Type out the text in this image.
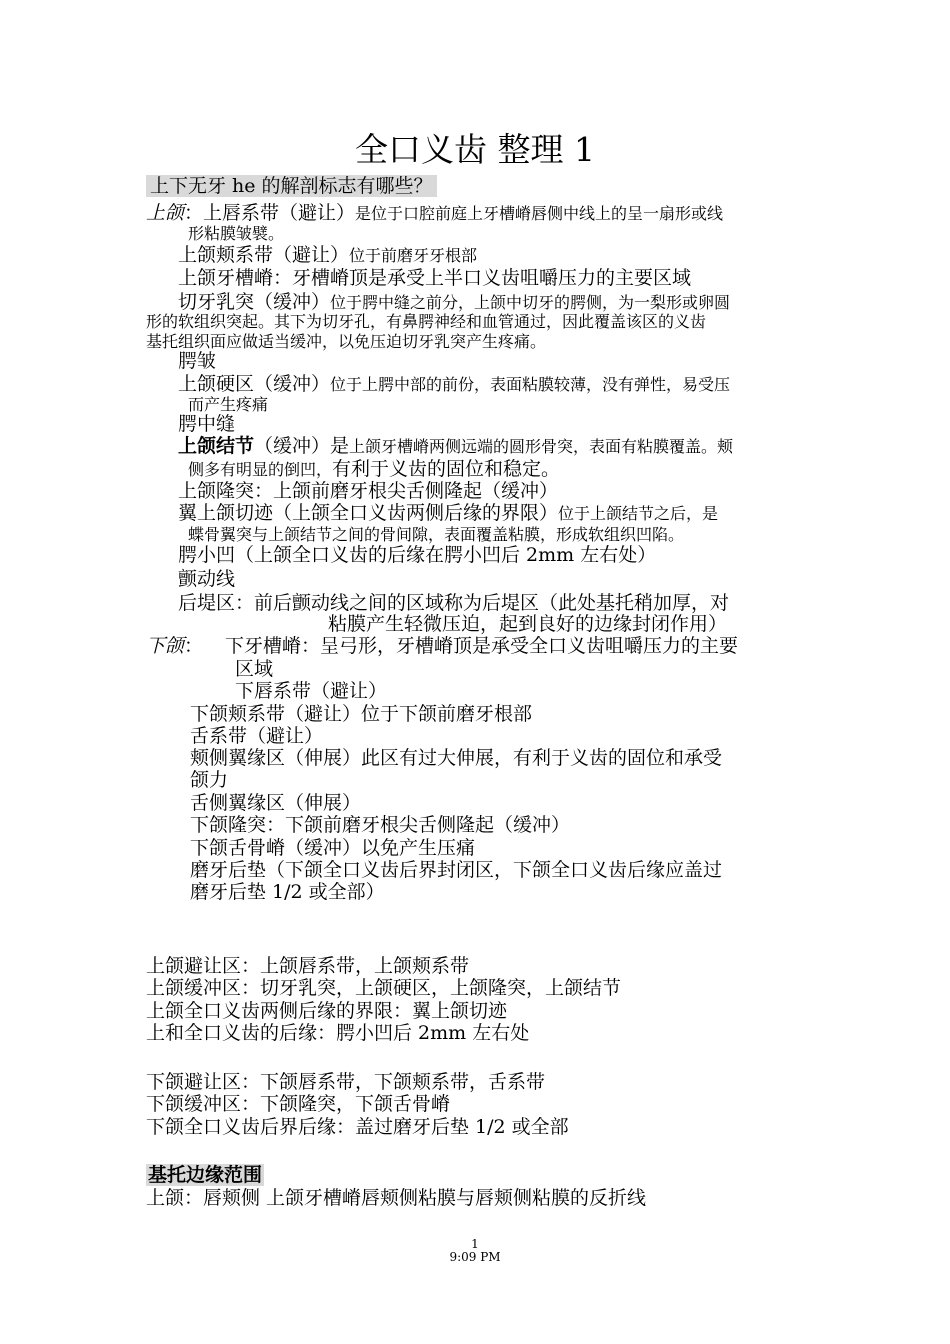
全口义齿 整理 1
上下无牙 he 的解剖标志有哪些？
上颌：上唇系带（避让）是位于口腔前庭上牙槽嵴唇侧中线上的呈一扇形或线
形粘膜皱襞。
上颌颊系带（避让）位于前磨牙牙根部
上颌牙槽嵴：牙槽嵴顶是承受上半口义齿咀嚼压力的主要区域
切牙乳突（缓冲）位于腭中缝之前分，上颌中切牙的腭侧，为一梨形或卵圆
形的软组织突起。其下为切牙孔，有鼻腭神经和血管通过，因此覆盖该区的义齿
基托组织面应做适当缓冲，以免压迫切牙乳突产生疼痛。
腭皱
上颌硬区（缓冲）位于上腭中部的前份，表面粘膜较薄，没有弹性，易受压
而产生疼痛
腭中缝
上颌结节（缓冲）是上颌牙槽嵴两侧远端的圆形骨突，表面有粘膜覆盖。颊
侧多有明显的倒凹，有利于义齿的固位和稳定。
上颌隆突：上颌前磨牙根尖舌侧隆起（缓冲）
翼上颌切迹（上颌全口义齿两侧后缘的界限）位于上颌结节之后，是
蝶骨翼突与上颌结节之间的骨间隙，表面覆盖粘膜，形成软组织凹陷。
腭小凹（上颌全口义齿的后缘在腭小凹后 2mm 左右处）
颤动线
后堤区：前后颤动线之间的区域称为后堤区（此处基托稍加厚，对
粘膜产生轻微压迫，起到良好的边缘封闭作用）
下颌： 下牙槽嵴：呈弓形，牙槽嵴顶是承受全口义齿咀嚼压力的主要
区域
下唇系带（避让）
下颌颊系带（避让）位于下颌前磨牙根部
舌系带（避让）
颊侧翼缘区（伸展）此区有过大伸展，有利于义齿的固位和承受
颌力
舌侧翼缘区（伸展）
下颌隆突：下颌前磨牙根尖舌侧隆起（缓冲）
下颌舌骨嵴（缓冲）以免产生压痛
磨牙后垫（下颌全口义齿后界封闭区，下颌全口义齿后缘应盖过
磨牙后垫 1/2 或全部）
上颌避让区：上颌唇系带，上颌颊系带
上颌缓冲区：切牙乳突，上颌硬区，上颌隆突，上颌结节
上颌全口义齿两侧后缘的界限：翼上颌切迹
上和全口义齿的后缘：腭小凹后 2mm 左右处
下颌避让区：下颌唇系带，下颌颊系带，舌系带
下颌缓冲区：下颌隆突，下颌舌骨嵴
下颌全口义齿后界后缘：盖过磨牙后垫 1/2 或全部
基托边缘范围
上颌：唇颊侧 上颌牙槽嵴唇颊侧粘膜与唇颊侧粘膜的反折线
1
9:09 PM
